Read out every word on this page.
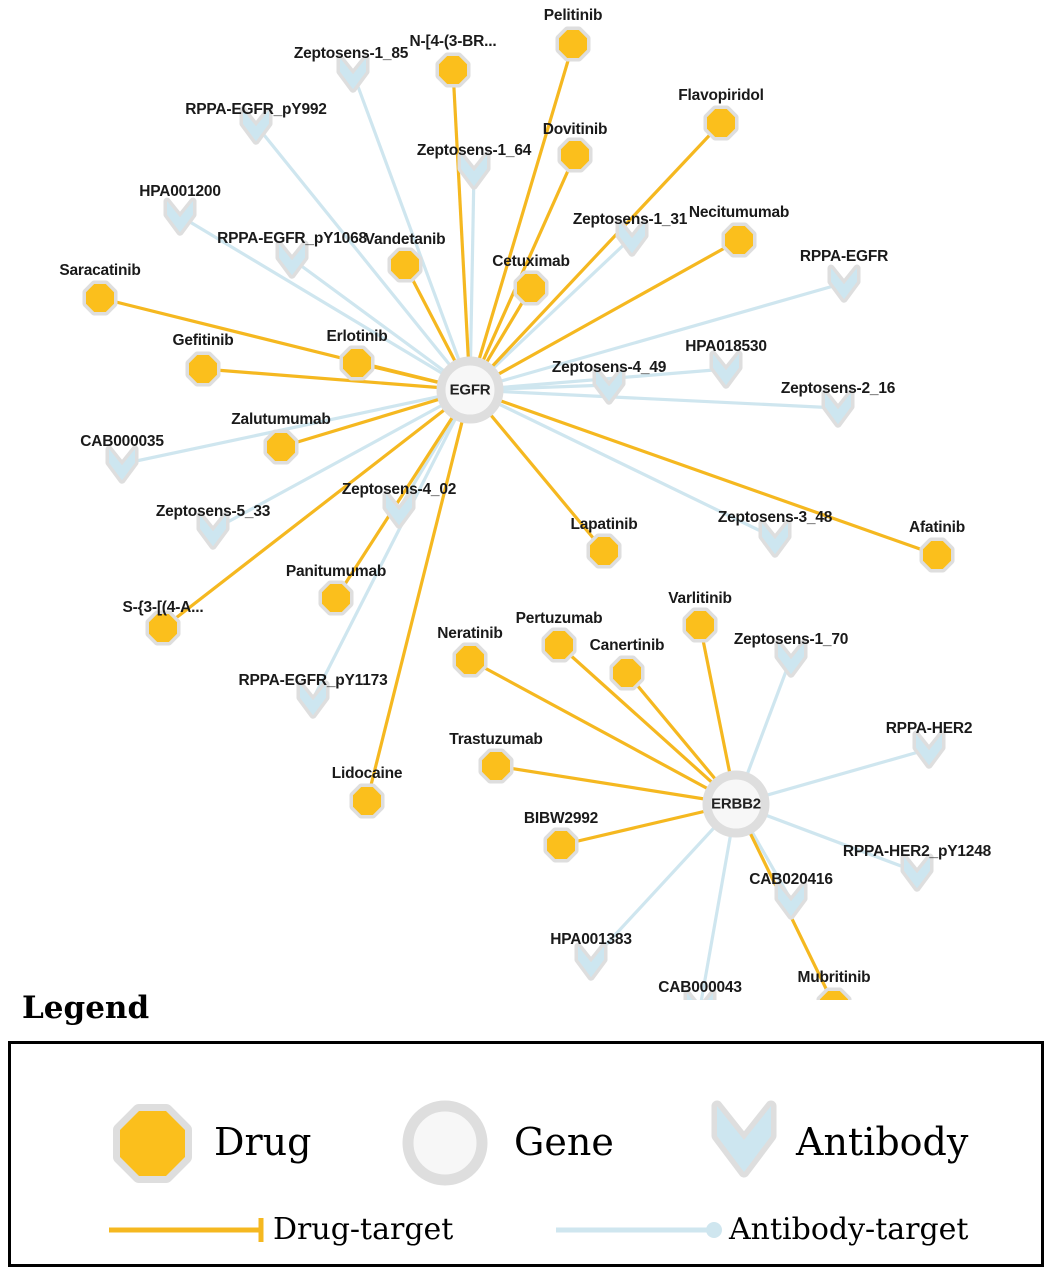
Zeptosens-1_85
RPPA-EGFR_pY992
Zeptosens-1_64
HPA001200
Zeptosens-1_31
RPPA-EGFR_pY1068
RPPA-EGFR
HPA018530
Zeptosens-4_49
Zeptosens-2_16
CAB000035
Zeptosens-4_02
Zeptosens-5_33	Zeptosens-3_48
Zeptosens-1_70
RPPA-EGFR_pY1173
RPPA-HER2
RPPA-HER2_pY1248
CAB020416
HPA001383
CAB000043
Pelitinib
N-[4-(3-BR...
Flavopiridol
Dovitinib
Necitumumab
Vandetanib
Cetuximab
Saracatinib
Erlotinib
Gefitinib
Zalutumumab
Afatinib
Lapatinib
Panitumumab
S-{3-[(4-A...
Varlitinib
Pertuzumab
Neratinib
Canertinib
Trastuzumab
Lidocaine
BIBW2992
Mubritinib
EGFR
ERBB2
Legend
Drug	Gene	Antibody
Drug-target	Antibody-target
